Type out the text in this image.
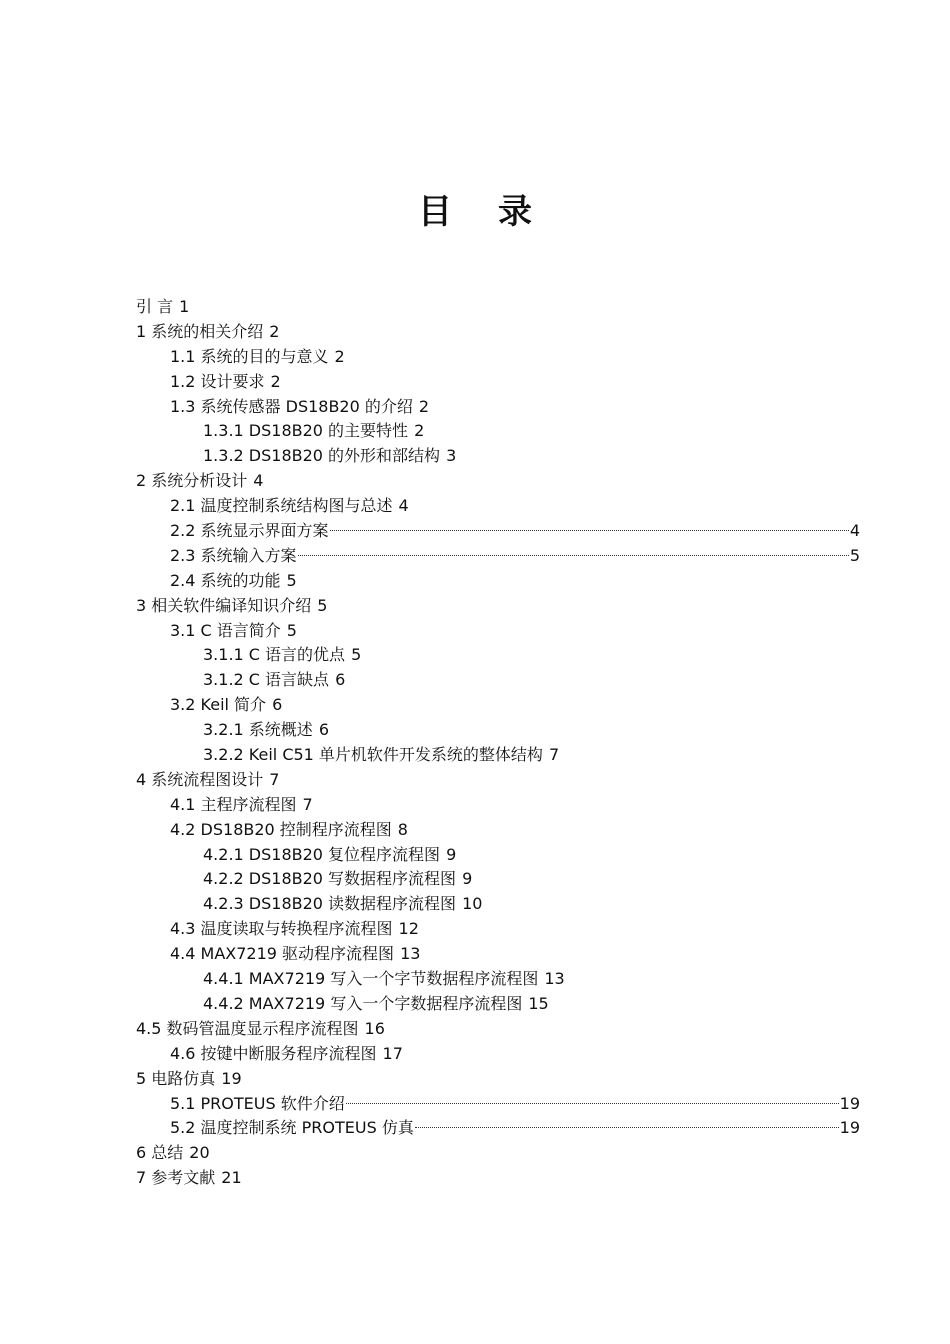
目录
引 言 1
1 系统的相关介绍 2
1.1 系统的目的与意义 2
1.2 设计要求 2
1.3 系统传感器 DS18B20 的介绍 2
1.3.1 DS18B20 的主要特性 2
1.3.2 DS18B20 的外形和部结构 3
2 系统分析设计 4
2.1 温度控制系统结构图与总述 4
2.2 系统显示界面方案	4
2.3 系统输入方案	5
2.4 系统的功能 5
3 相关软件编译知识介绍 5
3.1 C 语言简介 5
3.1.1 C 语言的优点 5
3.1.2 C 语言缺点 6
3.2 Keil 简介 6
3.2.1 系统概述 6
3.2.2 Keil C51 单片机软件开发系统的整体结构 7
4 系统流程图设计 7
4.1 主程序流程图 7
4.2 DS18B20 控制程序流程图 8
4.2.1 DS18B20 复位程序流程图 9
4.2.2 DS18B20 写数据程序流程图 9
4.2.3 DS18B20 读数据程序流程图 10
4.3 温度读取与转换程序流程图 12
4.4 MAX7219 驱动程序流程图 13
4.4.1 MAX7219 写入一个字节数据程序流程图 13
4.4.2 MAX7219 写入一个字数据程序流程图 15
4.5 数码管温度显示程序流程图 16
4.6 按键中断服务程序流程图 17
5 电路仿真 19
5.1 PROTEUS 软件介绍	19
5.2 温度控制系统 PROTEUS 仿真	19
6 总结 20
7 参考文献 21
